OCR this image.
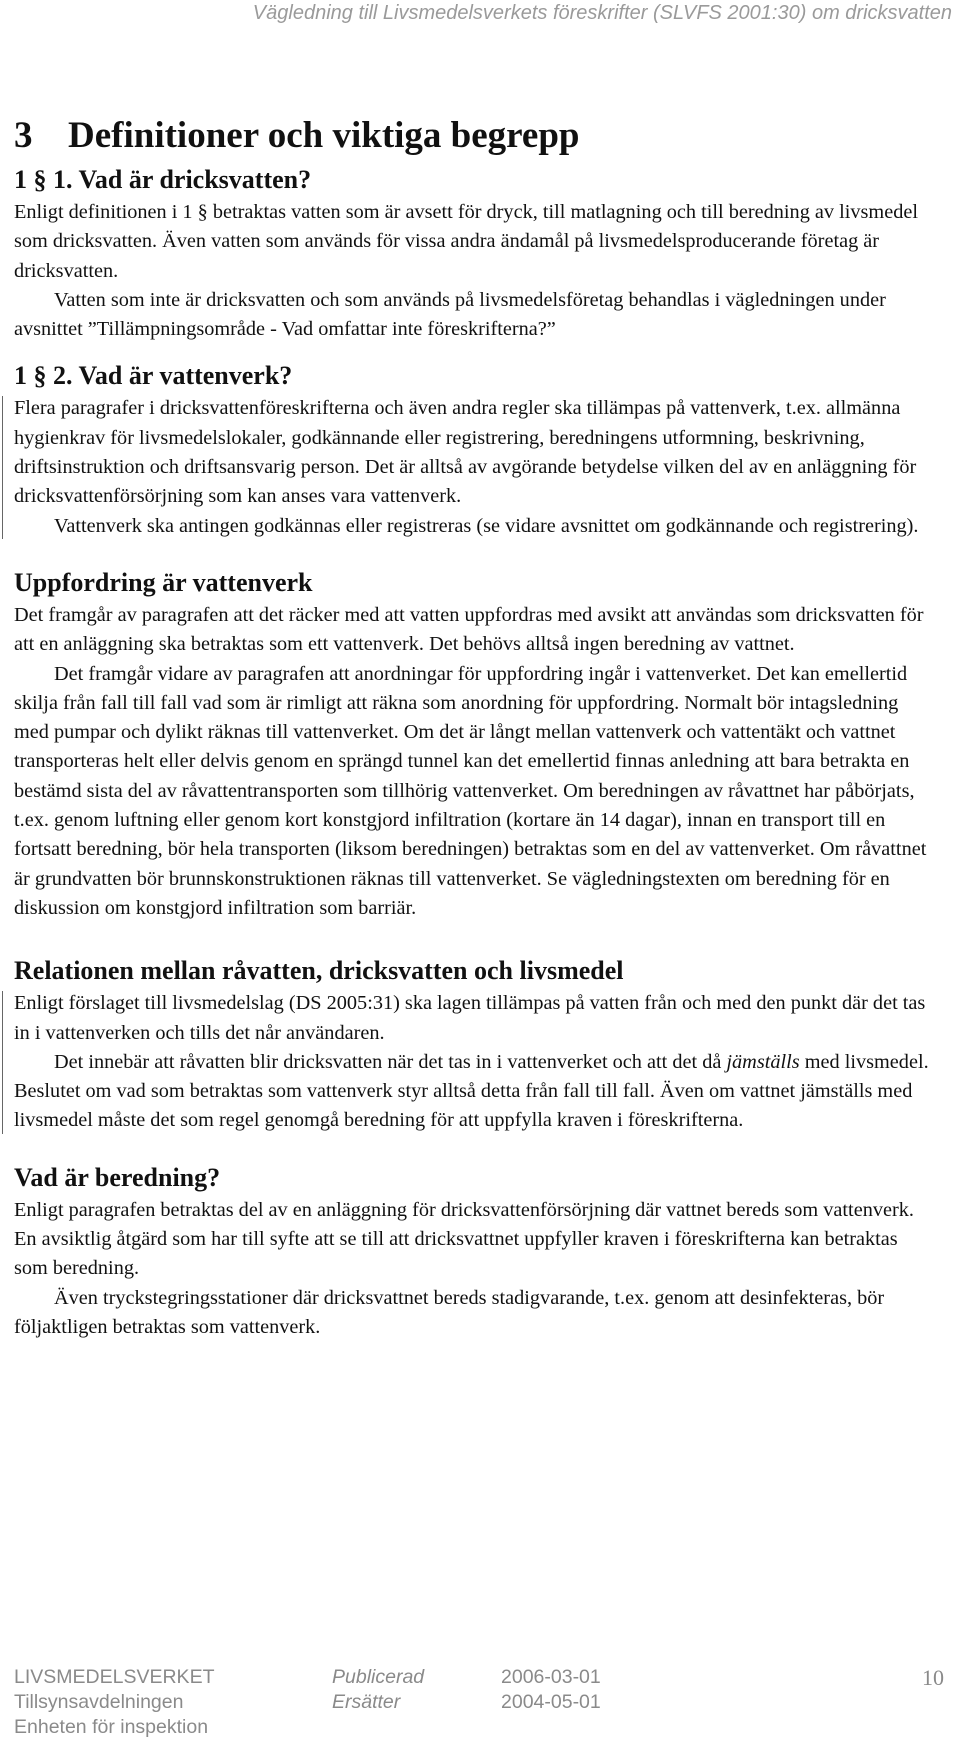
Vägledning till Livsmedelsverkets föreskrifter (SLVFS 2001:30) om dricksvatten
3 Definitioner och viktiga begrepp
1 § 1. Vad är dricksvatten?

Enligt definitionen i 1 § betraktas vatten som är avsett för dryck, till matlagning och till beredning av livsmedel som dricksvatten. Även vatten som används för vissa andra ändamål på livsmedelsproducerande företag är dricksvatten.

Vatten som inte är dricksvatten och som används på livsmedelsföretag behandlas i vägledningen under avsnittet ”Tillämpningsområde - Vad omfattar inte föreskrifterna?”

1 § 2. Vad är vattenverk?

Flera paragrafer i dricksvattenföreskrifterna och även andra regler ska tillämpas på vattenverk, t.ex. allmänna hygienkrav för livsmedelslokaler, godkännande eller registrering, beredningens utformning, beskrivning, driftsinstruktion och driftsansvarig person. Det är alltså av avgörande betydelse vilken del av en anläggning för dricksvattenförsörjning som kan anses vara vattenverk.

Vattenverk ska antingen godkännas eller registreras (se vidare avsnittet om godkännande och registrering).

Uppfordring är vattenverk

Det framgår av paragrafen att det räcker med att vatten uppfordras med avsikt att användas som dricksvatten för att en anläggning ska betraktas som ett vattenverk. Det behövs alltså ingen beredning av vattnet.

Det framgår vidare av paragrafen att anordningar för uppfordring ingår i vattenverket. Det kan emellertid skilja från fall till fall vad som är rimligt att räkna som anordning för uppfordring. Normalt bör intagsledning med pumpar och dylikt räknas till vattenverket. Om det är långt mellan vattenverk och vattentäkt och vattnet transporteras helt eller delvis genom en sprängd tunnel kan det emellertid finnas anledning att bara betrakta en bestämd sista del av råvattentransporten som tillhörig vattenverket. Om beredningen av råvattnet har påbörjats, t.ex. genom luftning eller genom kort konstgjord infiltration (kortare än 14 dagar), innan en transport till en fortsatt beredning, bör hela transporten (liksom beredningen) betraktas som en del av vattenverket. Om råvattnet är grundvatten bör brunnskonstruktionen räknas till vattenverket. Se vägledningstexten om beredning för en diskussion om konstgjord infiltration som barriär.

Relationen mellan råvatten, dricksvatten och livsmedel

Enligt förslaget till livsmedelslag (DS 2005:31) ska lagen tillämpas på vatten från och med den punkt där det tas in i vattenverken och tills det når användaren.

Det innebär att råvatten blir dricksvatten när det tas in i vattenverket och att det då jämställs med livsmedel. Beslutet om vad som betraktas som vattenverk styr alltså detta från fall till fall. Även om vattnet jämställs med livsmedel måste det som regel genomgå beredning för att uppfylla kraven i föreskrifterna.

Vad är beredning?

Enligt paragrafen betraktas del av en anläggning för dricksvattenförsörjning där vattnet bereds som vattenverk. En avsiktlig åtgärd som har till syfte att se till att dricksvattnet uppfyller kraven i föreskrifterna kan betraktas som beredning.

Även tryckstegringsstationer där dricksvattnet bereds stadigvarande, t.ex. genom att desinfekteras, bör följaktligen betraktas som vattenverk.

LIVSMEDELSVERKET
Tillsynsavdelningen
Enheten för inspektion
Publicerad
Ersätter
2006-03-01
2004-05-01
10
